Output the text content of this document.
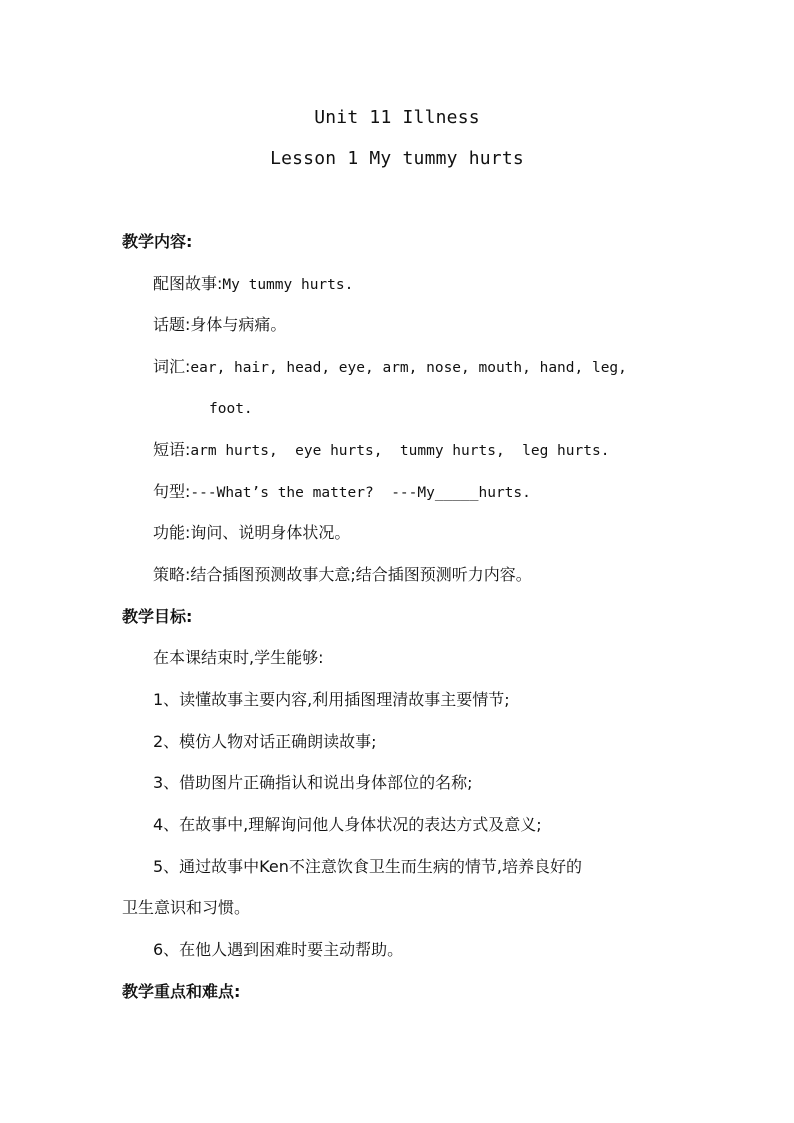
Unit 11 Illness
Lesson 1 My tummy hurts
教学内容:
配图故事:My tummy hurts.
话题:身体与病痛。
词汇:ear, hair, head, eye, arm, nose, mouth, hand, leg,
foot.
短语:arm hurts,  eye hurts,  tummy hurts,  leg hurts.
句型:---What’s the matter?  ---My_____hurts.
功能:询问、说明身体状况。
策略:结合插图预测故事大意;结合插图预测听力内容。
教学目标:
在本课结束时,学生能够:
1、读懂故事主要内容,利用插图理清故事主要情节;
2、模仿人物对话正确朗读故事;
3、借助图片正确指认和说出身体部位的名称;
4、在故事中,理解询问他人身体状况的表达方式及意义;
5、通过故事中Ken不注意饮食卫生而生病的情节,培养良好的
卫生意识和习惯。
6、在他人遇到困难时要主动帮助。
教学重点和难点:
